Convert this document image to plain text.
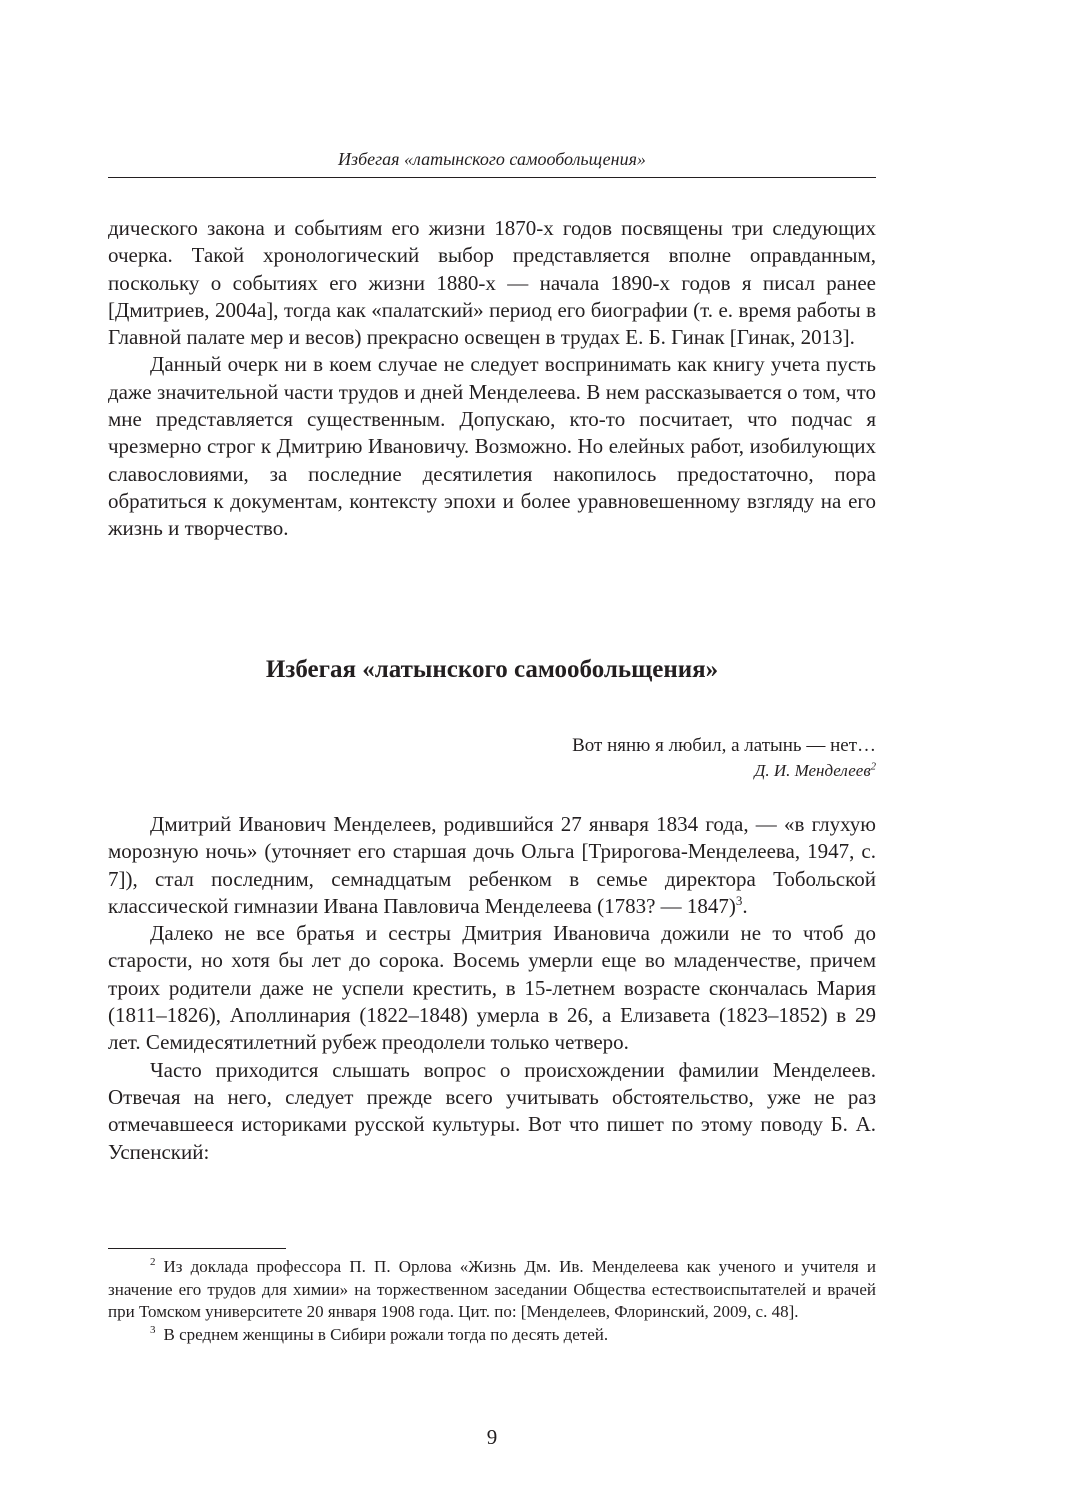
Избегая «латынского самообольщения»

дического закона и событиям его жизни 1870-х годов посвящены три следующих очерка. Такой хронологический выбор представляется вполне оправданным, поскольку о событиях его жизни 1880-х — начала 1890-х годов я писал ранее [Дмитриев, 2004а], тогда как «палатский» период его биографии (т. е. время работы в Главной палате мер и весов) прекрасно освещен в трудах Е. Б. Гинак [Гинак, 2013].

Данный очерк ни в коем случае не следует воспринимать как книгу учета пусть даже значительной части трудов и дней Менделеева. В нем рассказывается о том, что мне представляется существенным. Допускаю, кто-то посчитает, что подчас я чрезмерно строг к Дмитрию Ивановичу. Возможно. Но елейных работ, изобилующих славословиями, за последние десятилетия накопилось предостаточно, пора обратиться к документам, контексту эпохи и более уравновешенному взгляду на его жизнь и творчество.

Избегая «латынского самообольщения»
Вот няню я любил, а латынь — нет…
Д. И. Менделеев$^2$

Дмитрий Иванович Менделеев, родившийся 27 января 1834 года, — «в глухую морозную ночь» (уточняет его старшая дочь Ольга [Трирогова-Менделеева, 1947, с. 7]), стал последним, семнадцатым ребенком в семье директора Тобольской классической гимназии Ивана Павловича Менделеева (1783? — 1847)$^3$.

Далеко не все братья и сестры Дмитрия Ивановича дожили не то чтоб до старости, но хотя бы лет до сорока. Восемь умерли еще во младенчестве, причем троих родители даже не успели крестить, в 15-летнем возрасте скончалась Мария (1811–1826), Аполлинария (1822–1848) умерла в 26, а Елизавета (1823–1852) в 29 лет. Семидесятилетний рубеж преодолели только четверо.

Часто приходится слышать вопрос о происхождении фамилии Менделеев. Отвечая на него, следует прежде всего учитывать обстоятельство, уже не раз отмечавшееся историками русской культуры. Вот что пишет по этому поводу Б. А. Успенский:

$^2$ Из доклада профессора П. П. Орлова «Жизнь Дм. Ив. Менделеева как ученого и учителя и значение его трудов для химии» на торжественном заседании Общества естествоиспытателей и врачей при Томском университете 20 января 1908 года. Цит. по: [Менделеев, Флоринский, 2009, с. 48].

$^3$ В среднем женщины в Сибири рожали тогда по десять детей.

9
